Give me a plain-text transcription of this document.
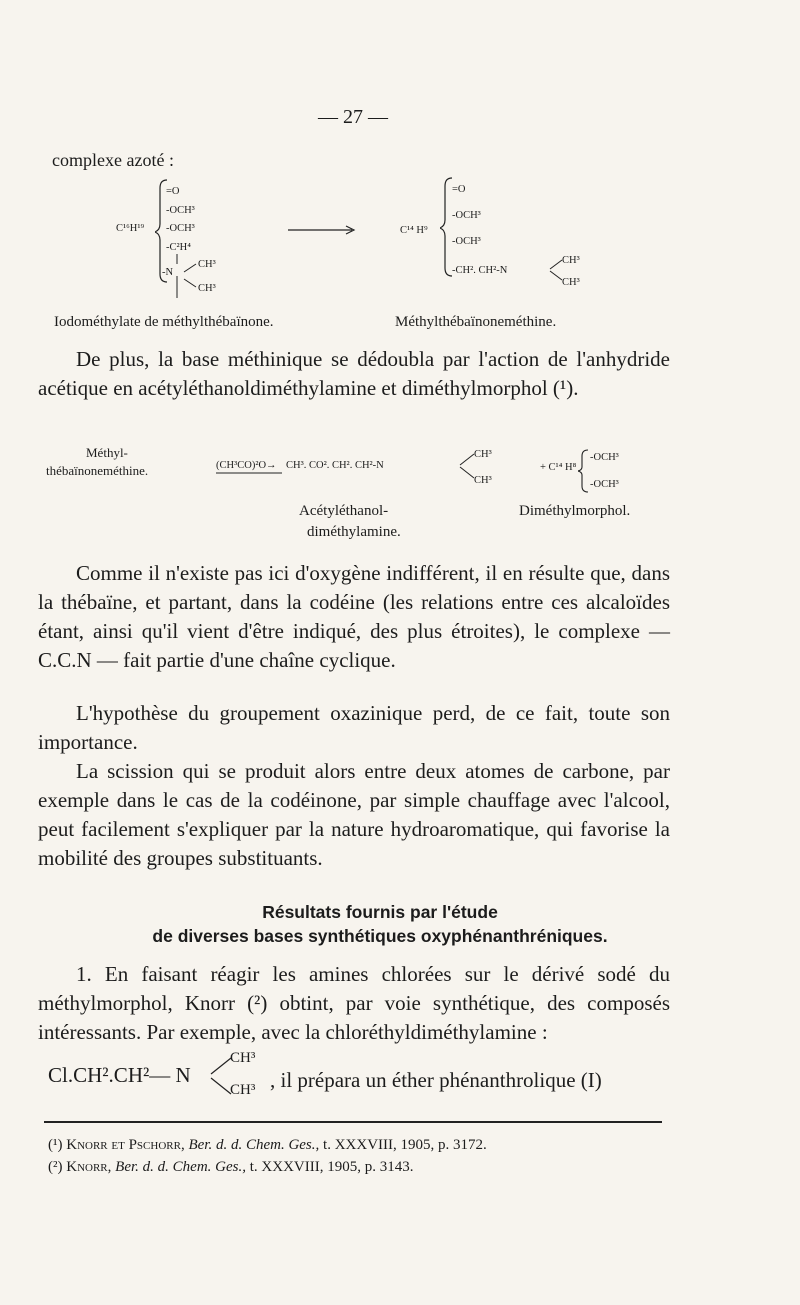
— 27 —
complexe azoté :
C¹⁶H¹⁹
=O
-OCH³
-OCH³
-C²H⁴
-N
CH³
CH³
C¹⁴ H⁹
=O
-OCH³
-OCH³
-CH². CH²-N
CH³
CH³
Iodométhylate de méthylthébaïnone.	Méthylthébaïnoneméthine.
De plus, la base méthinique se dédoubla par l'action de l'anhydride acétique en acétyléthanoldiméthylamine et diméthylmorphol (¹).
Méthyl-
thébaïnoneméthine.	(CH³CO)²O→ CH³. CO². CH². CH²-N
CH³
CH³
+ C¹⁴ H⁸
-OCH³
-OCH³
Acétyléthanol-
diméthylamine.
Diméthylmorphol.
Comme il n'existe pas ici d'oxygène indifférent, il en résulte que, dans la thébaïne, et partant, dans la codéine (les relations entre ces alcaloïdes étant, ainsi qu'il vient d'être indiqué, des plus étroites), le complexe — C.C.N — fait partie d'une chaîne cyclique.
L'hypothèse du groupement oxazinique perd, de ce fait, toute son importance.
La scission qui se produit alors entre deux atomes de carbone, par exemple dans le cas de la codéinone, par simple chauffage avec l'alcool, peut facilement s'expliquer par la nature hydroaromatique, qui favorise la mobilité des groupes substituants.
Résultats fournis par l'étude
de diverses bases synthétiques oxyphénanthréniques.
1. En faisant réagir les amines chlorées sur le dérivé sodé du méthylmorphol, Knorr (²) obtint, par voie synthétique, des composés intéressants. Par exemple, avec la chloréthyldiméthylamine :
Cl.CH².CH²— N
CH³
CH³ , il prépara un éther phénanthrolique (I)
(¹) Knorr et Pschorr, Ber. d. d. Chem. Ges., t. XXXVIII, 1905, p. 3172.
(²) Knorr, Ber. d. d. Chem. Ges., t. XXXVIII, 1905, p. 3143.
